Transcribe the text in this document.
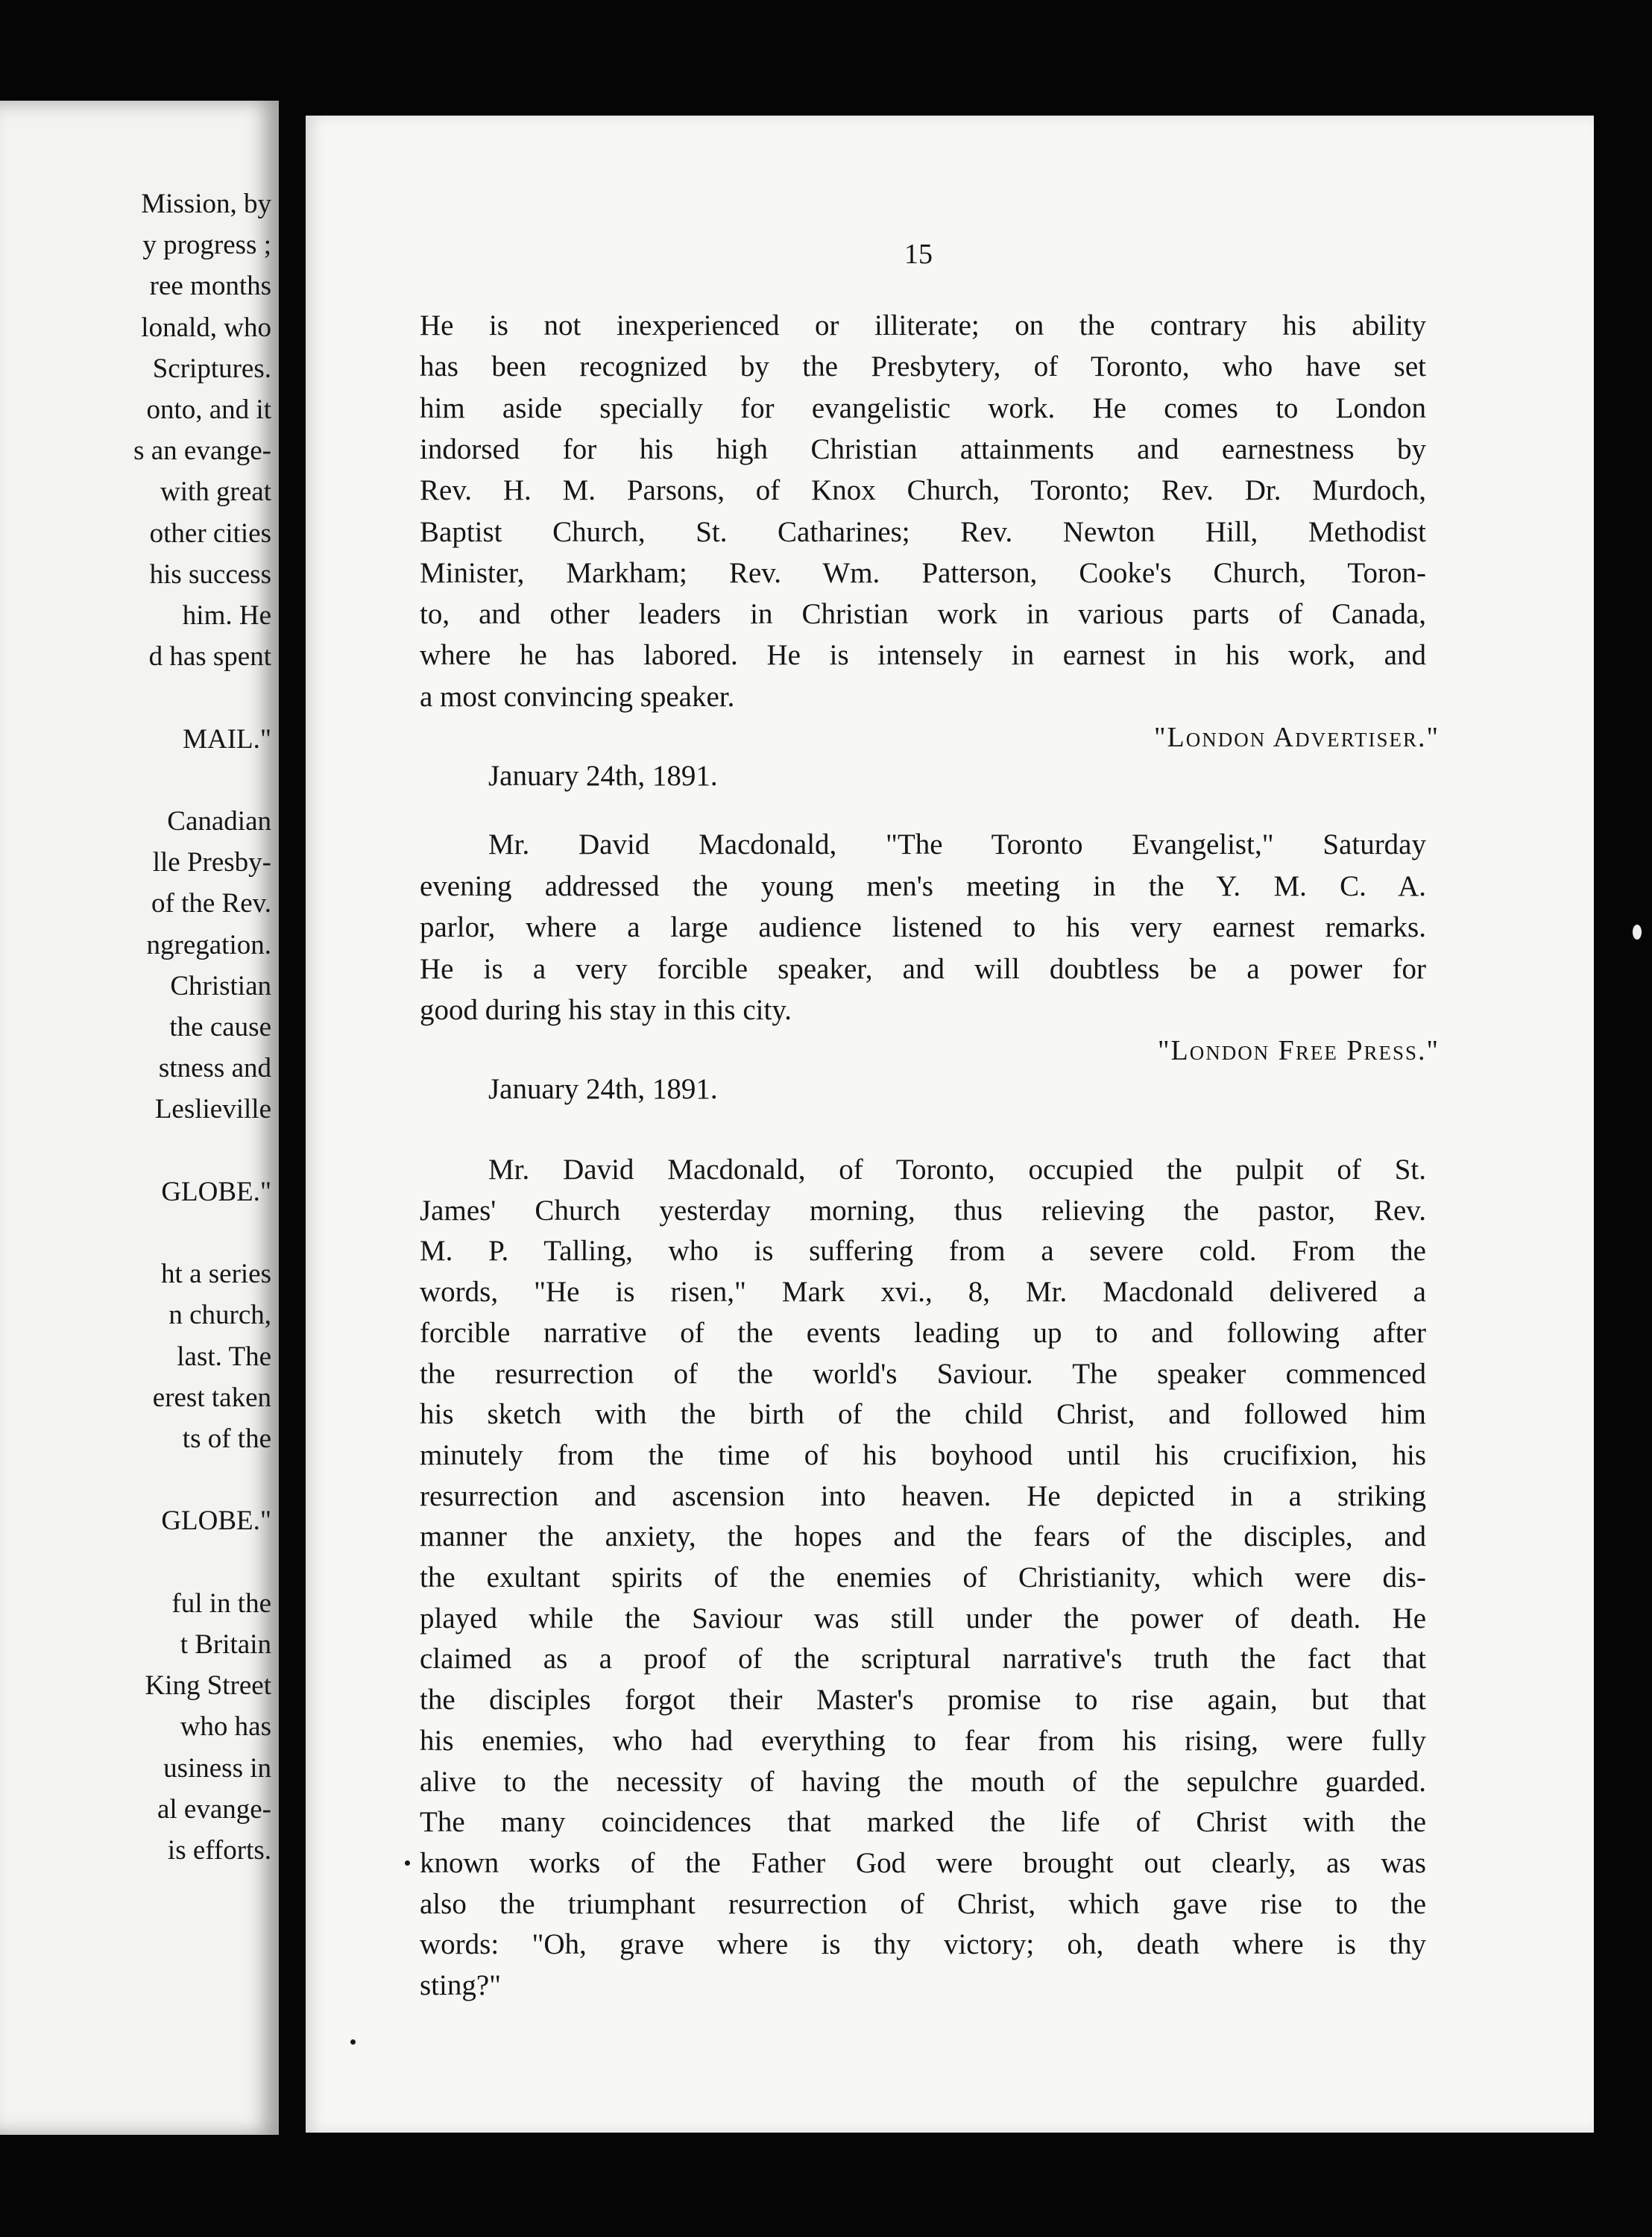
Mission, by

y progress ;

ree months

lonald, who

Scriptures.

onto, and it

s an evange-

with great

other cities

his success

him. He

d has spent

MAIL."

Canadian

lle Presby-

of the Rev.

ngregation.

Christian

the cause

stness and

Leslieville

GLOBE."

ht a series

n church,

last. The

erest taken

ts of the

GLOBE."

ful in the

t Britain

King Street

who has

usiness in

al evange-

is efforts.

15

He is not inexperienced or illiterate; on the contrary his ability

has been recognized by the Presbytery, of Toronto, who have set

him aside specially for evangelistic work. He comes to London

indorsed for his high Christian attainments and earnestness by

Rev. H. M. Parsons, of Knox Church, Toronto; Rev. Dr. Murdoch,

Baptist Church, St. Catharines; Rev. Newton Hill, Methodist

Minister, Markham; Rev. Wm. Patterson, Cooke's Church, Toron-

to, and other leaders in Christian work in various parts of Canada,

where he has labored. He is intensely in earnest in his work, and

a most convincing speaker.

"London Advertiser."

January 24th, 1891.

Mr. David Macdonald, "The Toronto Evangelist," Saturday

evening addressed the young men's meeting in the Y. M. C. A.

parlor, where a large audience listened to his very earnest remarks.

He is a very forcible speaker, and will doubtless be a power for

good during his stay in this city.

"London Free Press."

January 24th, 1891.

Mr. David Macdonald, of Toronto, occupied the pulpit of St.

James' Church yesterday morning, thus relieving the pastor, Rev.

M. P. Talling, who is suffering from a severe cold. From the

words, "He is risen," Mark xvi., 8, Mr. Macdonald delivered a

forcible narrative of the events leading up to and following after

the resurrection of the world's Saviour. The speaker commenced

his sketch with the birth of the child Christ, and followed him

minutely from the time of his boyhood until his crucifixion, his

resurrection and ascension into heaven. He depicted in a striking

manner the anxiety, the hopes and the fears of the disciples, and

the exultant spirits of the enemies of Christianity, which were dis-

played while the Saviour was still under the power of death. He

claimed as a proof of the scriptural narrative's truth the fact that

the disciples forgot their Master's promise to rise again, but that

his enemies, who had everything to fear from his rising, were fully

alive to the necessity of having the mouth of the sepulchre guarded.

The many coincidences that marked the life of Christ with the

known works of the Father God were brought out clearly, as was

also the triumphant resurrection of Christ, which gave rise to the

words: "Oh, grave where is thy victory; oh, death where is thy

sting?"
